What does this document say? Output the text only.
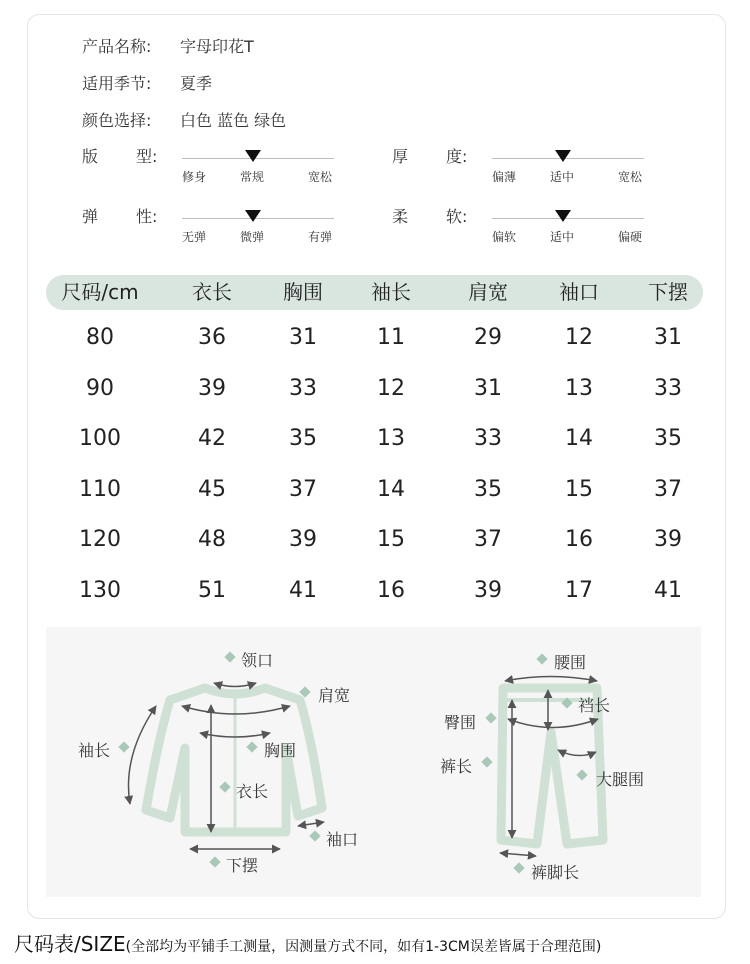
产品名称: 字母印花T
适用季节: 夏季
颜色选择: 白色 蓝色 绿色
版 型:
修身	常规	宽松
厚 度:
偏薄	适中	宽松
弹 性:
无弹	微弹	有弹
柔 软:
偏软	适中	偏硬
尺码/cm	衣长	胸围	袖长	肩宽	袖口	下摆
80	36	31	11	29	12	31
90	39	33	12	31	13	33
100	42	35	13	33	14	35
110	45	37	14	35	15	37
120	48	39	15	37	16	39
130	51	41	16	39	17	41
领口
肩宽
袖长	胸围
衣长
袖口
下摆
腰围
裆长
臀围
裤长
大腿围
裤脚长
尺码表/SIZE(全部均为平铺手工测量，因测量方式不同，如有1-3CM误差皆属于合理范围)
